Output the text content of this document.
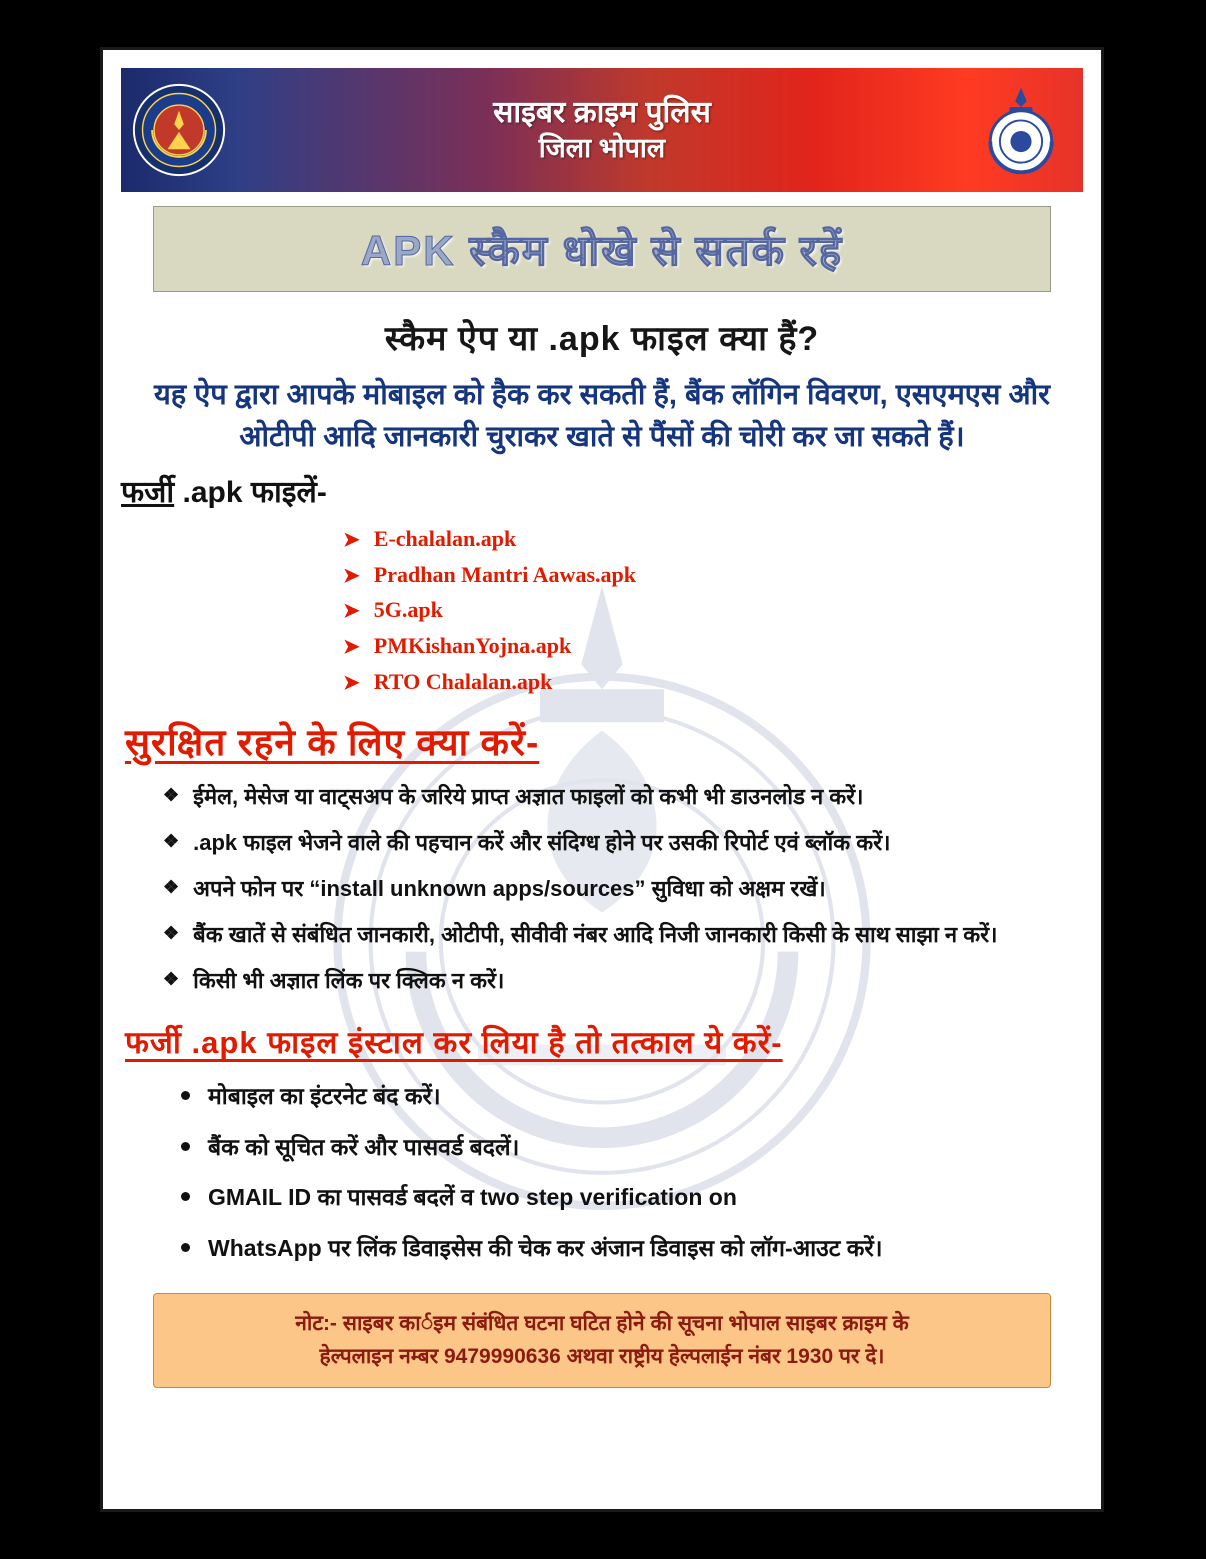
साइबर क्राइम पुलिस
जिला भोपाल
APK स्कैम धोखे से सतर्क रहें
स्कैम ऐप या .apk फाइल क्या हैं?
यह ऐप द्वारा आपके मोबाइल को हैक कर सकती हैं, बैंक लॉगिन विवरण, एसएमएस और ओटीपी आदि जानकारी चुराकर खाते से पैंसों की चोरी कर जा सकते हैं।
फर्जी .apk फाइलें-
➤ E-chalalan.apk
➤ Pradhan Mantri Aawas.apk
➤ 5G.apk
➤ PMKishanYojna.apk
➤ RTO Chalalan.apk
सुरक्षित रहने के लिए क्या करें-
❖ ईमेल, मेसेज या वाट्सअप के जरिये प्राप्त अज्ञात फाइलों को कभी भी डाउनलोड न करें।
❖ .apk फाइल भेजने वाले की पहचान करें और संदिग्ध होने पर उसकी रिपोर्ट एवं ब्लॉक करें।
❖ अपने फोन पर “install unknown apps/sources” सुविधा को अक्षम रखें।
❖ बैंक खातें से संबंधित जानकारी, ओटीपी, सीवीवी नंबर आदि निजी जानकारी किसी के साथ साझा न करें।
❖ किसी भी अज्ञात लिंक पर क्लिक न करें।
फर्जी .apk फाइल इंस्टाल कर लिया है तो तत्काल ये करें-
मोबाइल का इंटरनेट बंद करें।
बैंक को सूचित करें और पासवर्ड बदलें।
GMAIL ID का पासवर्ड बदलें व two step verification on
WhatsApp पर लिंक डिवाइसेस की चेक कर अंजान डिवाइस को लॉग-आउट करें।
नोट:- साइबर कार्इम संबंधित घटना घटित होने की सूचना भोपाल साइबर क्राइम के
हेल्पलाइन नम्बर 9479990636 अथवा राष्ट्रीय हेल्पलाईन नंबर 1930 पर दे।
